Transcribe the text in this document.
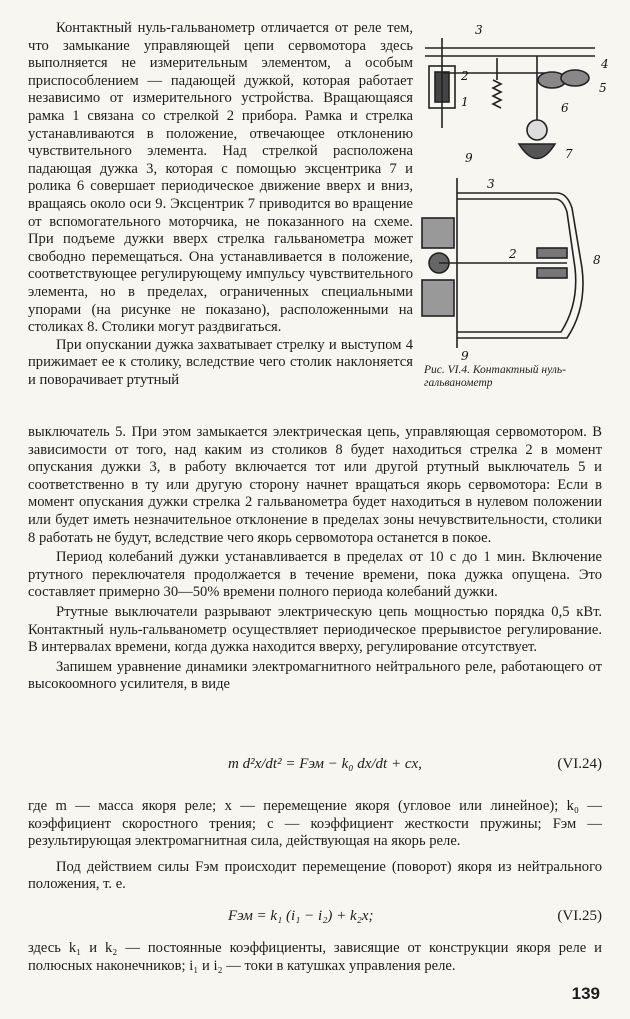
Контактный нуль-гальванометр отличается от реле тем, что замыкание управляющей цепи сервомотора здесь выполняется не измерительным элементом, а особым приспособлением — падающей дужкой, которая работает независимо от измерительного устройства. Вращающаяся рамка 1 связана со стрелкой 2 прибора. Рамка и стрелка устанавливаются в положение, отвечающее отклонению чувствительного элемента. Над стрелкой расположена падающая дужка 3, которая с помощью эксцентрика 7 и ролика 6 совершает периодическое движение вверх и вниз, вращаясь около оси 9. Эксцентрик 7 приводится во вращение от вспомогательного моторчика, не показанного на схеме. При подъеме дужки вверх стрелка гальванометра может свободно перемещаться. Она устанавливается в положение, соответствующее регулирующему импульсу чувствительного элемента, но в пределах, ограниченных специальными упорами (на рисунке не показано), расположенными на столиках 8. Столики могут раздвигаться.

При опускании дужка захватывает стрелку и выступом 4 прижимает ее к столику, вследствие чего столик наклоняется и поворачивает ртутный

3
2
4
5
1	6
7
9
3
2	8
9
Рис. VI.4. Контактный нуль-гальванометр

выключатель 5. При этом замыкается электрическая цепь, управляющая сервомотором. В зависимости от того, над каким из столиков 8 будет находиться стрелка 2 в момент опускания дужки 3, в работу включается тот или другой ртутный выключатель 5 и соответственно в ту или другую сторону начнет вращаться якорь сервомотора: Если в момент опускания дужки стрелка 2 гальванометра будет находиться в нулевом положении или будет иметь незначительное отклонение в пределах зоны нечувствительности, столики 8 работать не будут, вследствие чего якорь сервомотора останется в покое.

Период колебаний дужки устанавливается в пределах от 10 с до 1 мин. Включение ртутного переключателя продолжается в течение времени, пока дужка опущена. Это составляет примерно 30—50% времени полного периода колебаний дужки.

Ртутные выключатели разрывают электрическую цепь мощностью порядка 0,5 кВт. Контактный нуль-гальванометр осуществляет периодическое прерывистое регулирование. В интервалах времени, когда дужка находится вверху, регулирование отсутствует.

Запишем уравнение динамики электромагнитного нейтрального реле, работающего от высокоомного усилителя, в виде

m d²x/dt² = Fэм − k₀ dx/dt + cx,	(VI.24)

где m — масса якоря реле; x — перемещение якоря (угловое или линейное); k₀ — коэффициент скоростного трения; c — коэффициент жесткости пружины; Fэм — результирующая электромагнитная сила, действующая на якорь реле.

Под действием силы Fэм происходит перемещение (поворот) якоря из нейтрального положения, т. е.

Fэм = k₁ (i₁ − i₂) + k₂x;	(VI.25)

здесь k₁ и k₂ — постоянные коэффициенты, зависящие от конструкции якоря реле и полюсных наконечников; i₁ и i₂ — токи в катушках управления реле.

139
